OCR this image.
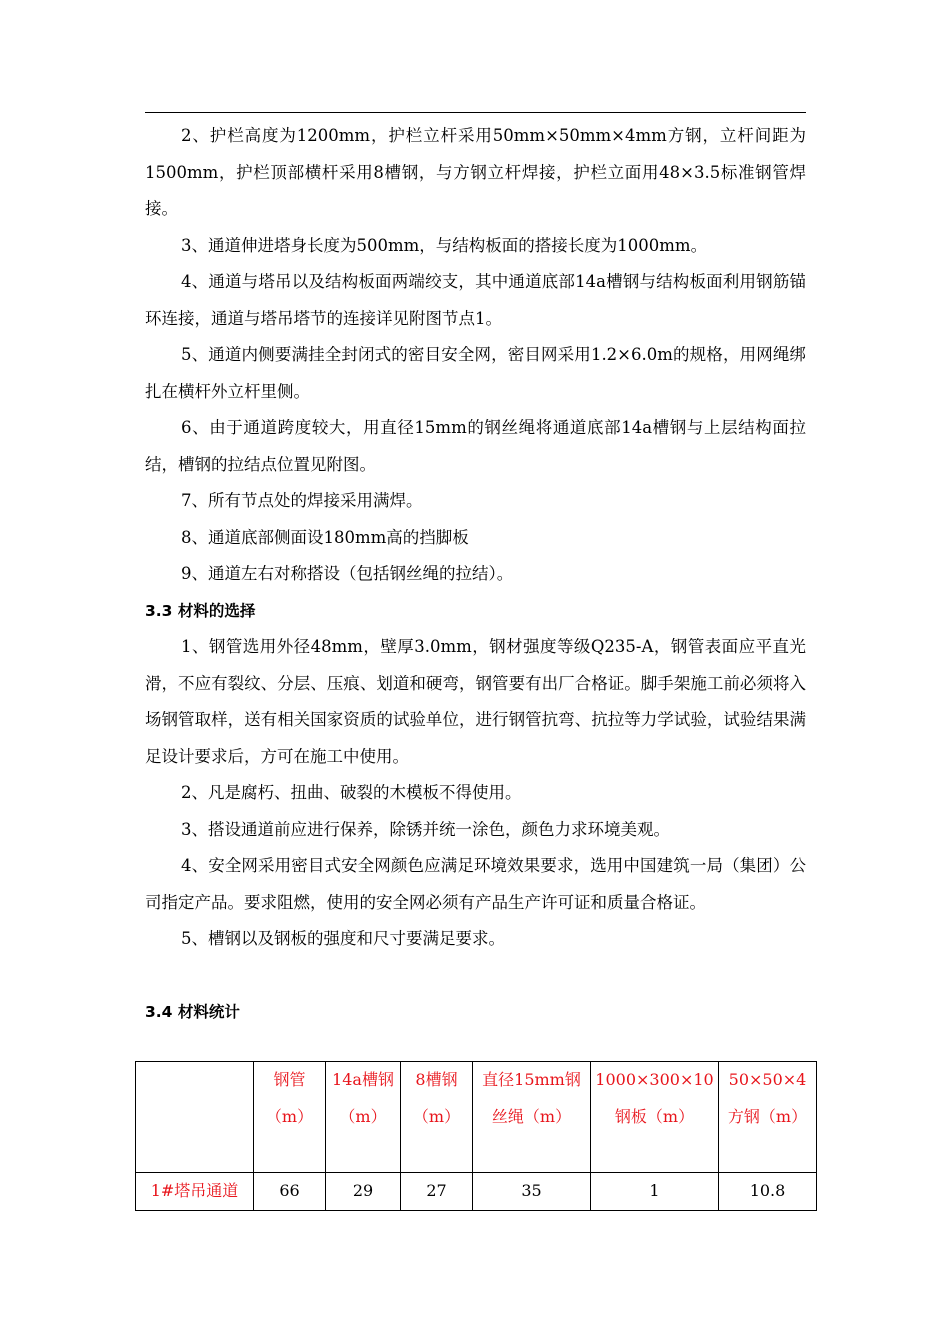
2、护栏高度为1200mm，护栏立杆采用50mm×50mm×4mm方钢，立杆间距为1500mm，护栏顶部横杆采用8槽钢，与方钢立杆焊接，护栏立面用48×3.5标准钢管焊接。

3、通道伸进塔身长度为500mm，与结构板面的搭接长度为1000mm。

4、通道与塔吊以及结构板面两端绞支，其中通道底部14a槽钢与结构板面利用钢筋锚环连接，通道与塔吊塔节的连接详见附图节点1。

5、通道内侧要满挂全封闭式的密目安全网，密目网采用1.2×6.0m的规格，用网绳绑扎在横杆外立杆里侧。

6、由于通道跨度较大，用直径15mm的钢丝绳将通道底部14a槽钢与上层结构面拉结，槽钢的拉结点位置见附图。

7、所有节点处的焊接采用满焊。

8、通道底部侧面设180mm高的挡脚板

9、通道左右对称搭设（包括钢丝绳的拉结）。

3.3 材料的选择

1、钢管选用外径48mm，壁厚3.0mm，钢材强度等级Q235-A，钢管表面应平直光滑，不应有裂纹、分层、压痕、划道和硬弯，钢管要有出厂合格证。脚手架施工前必须将入场钢管取样，送有相关国家资质的试验单位，进行钢管抗弯、抗拉等力学试验，试验结果满足设计要求后，方可在施工中使用。

2、凡是腐朽、扭曲、破裂的木模板不得使用。

3、搭设通道前应进行保养，除锈并统一涂色，颜色力求环境美观。

4、安全网采用密目式安全网颜色应满足环境效果要求，选用中国建筑一局（集团）公司指定产品。要求阻燃，使用的安全网必须有产品生产许可证和质量合格证。

5、槽钢以及钢板的强度和尺寸要满足要求。

3.4 材料统计

	钢管（m）	14a槽钢（m）	8槽钢（m）	直径15mm钢丝绳（m）	1000×300×10钢板（m）	50×50×4方钢（m）
1#塔吊通道	66	29	27	35	1	10.8
